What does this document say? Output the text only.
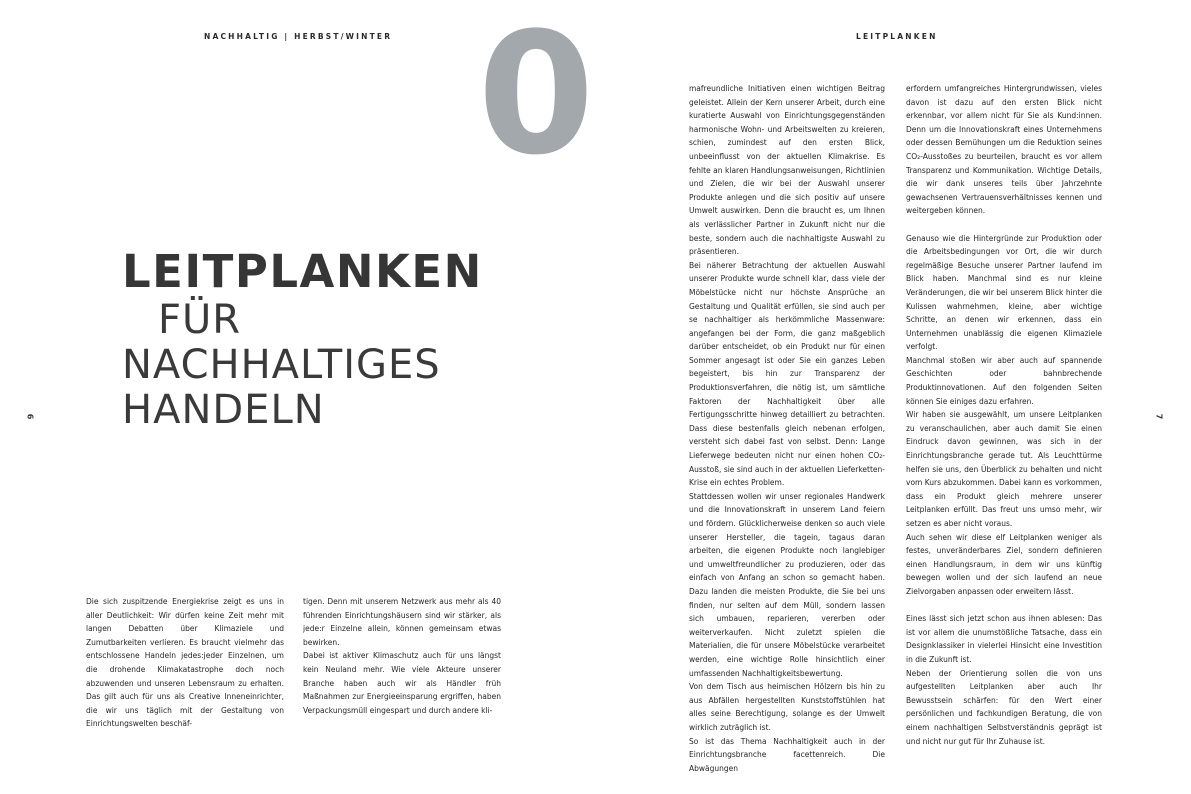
NACHHALTIG | HERBST/WINTER 0
6
LEITPLANKEN
FÜR
NACHHALTIGES
HANDELN

Die sich zuspitzende Energiekrise zeigt es uns in aller Deutlichkeit: Wir dürfen keine Zeit mehr mit langen Debatten über Klimaziele und Zumutbarkeiten verlieren. Es braucht vielmehr das entschlossene Handeln jedes:jeder Einzelnen, um die drohende Klimakatastrophe doch noch abzuwenden und unseren Lebensraum zu erhalten. Das gilt auch für uns als Creative Inneneinrichter, die wir uns täglich mit der Gestaltung von Einrichtungswelten beschäf-

tigen. Denn mit unserem Netzwerk aus mehr als 40 führenden Einrichtungshäusern sind wir stärker, als jede:r Einzelne allein, können gemeinsam etwas bewirken.

Dabei ist aktiver Klimaschutz auch für uns längst kein Neuland mehr. Wie viele Akteure unserer Branche haben auch wir als Händler früh Maßnahmen zur Energieeinsparung ergriffen, haben Verpackungsmüll eingespart und durch andere kli-

LEITPLANKEN
7

mafreundliche Initiativen einen wichtigen Beitrag geleistet. Allein der Kern unserer Arbeit, durch eine kuratierte Auswahl von Einrichtungsgegenständen harmonische Wohn- und Arbeitswelten zu kreieren, schien, zumindest auf den ersten Blick, unbeeinflusst von der aktuellen Klimakrise. Es fehlte an klaren Handlungsanweisungen, Richtlinien und Zielen, die wir bei der Auswahl unserer Produkte anlegen und die sich positiv auf unsere Umwelt auswirken. Denn die braucht es, um Ihnen als verlässlicher Partner in Zukunft nicht nur die beste, sondern auch die nachhaltigste Auswahl zu präsentieren.

Bei näherer Betrachtung der aktuellen Auswahl unserer Produkte wurde schnell klar, dass viele der Möbelstücke nicht nur höchste Ansprüche an Gestaltung und Qualität erfüllen, sie sind auch per se nachhaltiger als herkömmliche Massenware: angefangen bei der Form, die ganz maßgeblich darüber entscheidet, ob ein Produkt nur für einen Sommer angesagt ist oder Sie ein ganzes Leben begeistert, bis hin zur Transparenz der Produktionsverfahren, die nötig ist, um sämtliche Faktoren der Nachhaltigkeit über alle Fertigungsschritte hinweg detailliert zu betrachten. Dass diese bestenfalls gleich nebenan erfolgen, versteht sich dabei fast von selbst. Denn: Lange Lieferwege bedeuten nicht nur einen hohen CO₂-Ausstoß, sie sind auch in der aktuellen Lieferketten-Krise ein echtes Problem.

Stattdessen wollen wir unser regionales Handwerk und die Innovationskraft in unserem Land feiern und fördern. Glücklicherweise denken so auch viele unserer Hersteller, die tagein, tagaus daran arbeiten, die eigenen Produkte noch langlebiger und umweltfreundlicher zu produzieren, oder das einfach von Anfang an schon so gemacht haben. Dazu landen die meisten Produkte, die Sie bei uns finden, nur selten auf dem Müll, sondern lassen sich umbauen, reparieren, vererben oder weiterverkaufen. Nicht zuletzt spielen die Materialien, die für unsere Möbelstücke verarbeitet werden, eine wichtige Rolle hinsichtlich einer umfassenden Nachhaltigkeitsbewertung.

Von dem Tisch aus heimischen Hölzern bis hin zu aus Abfällen hergestellten Kunststoffstühlen hat alles seine Berechtigung, solange es der Umwelt wirklich zuträglich ist.

So ist das Thema Nachhaltigkeit auch in der Einrichtungsbranche facettenreich. Die Abwägungen

erfordern umfangreiches Hintergrundwissen, vieles davon ist dazu auf den ersten Blick nicht erkennbar, vor allem nicht für Sie als Kund:innen. Denn um die Innovationskraft eines Unternehmens oder dessen Bemühungen um die Reduktion seines CO₂-Ausstoßes zu beurteilen, braucht es vor allem Transparenz und Kommunikation. Wichtige Details, die wir dank unseres teils über Jahrzehnte gewachsenen Vertrauensverhältnisses kennen und weitergeben können.

Genauso wie die Hintergründe zur Produktion oder die Arbeitsbedingungen vor Ort, die wir durch regelmäßige Besuche unserer Partner laufend im Blick haben. Manchmal sind es nur kleine Veränderungen, die wir bei unserem Blick hinter die Kulissen wahrnehmen, kleine, aber wichtige Schritte, an denen wir erkennen, dass ein Unternehmen unablässig die eigenen Klimaziele verfolgt.

Manchmal stoßen wir aber auch auf spannende Geschichten oder bahnbrechende Produktinnovationen. Auf den folgenden Seiten können Sie einiges dazu erfahren.

Wir haben sie ausgewählt, um unsere Leitplanken zu veranschaulichen, aber auch damit Sie einen Eindruck davon gewinnen, was sich in der Einrichtungsbranche gerade tut. Als Leuchttürme helfen sie uns, den Überblick zu behalten und nicht vom Kurs abzukommen. Dabei kann es vorkommen, dass ein Produkt gleich mehrere unserer Leitplanken erfüllt. Das freut uns umso mehr, wir setzen es aber nicht voraus.

Auch sehen wir diese elf Leitplanken weniger als festes, unveränderbares Ziel, sondern definieren einen Handlungsraum, in dem wir uns künftig bewegen wollen und der sich laufend an neue Zielvorgaben anpassen oder erweitern lässt.

Eines lässt sich jetzt schon aus ihnen ablesen: Das ist vor allem die unumstößliche Tatsache, dass ein Designklassiker in vielerlei Hinsicht eine Investition in die Zukunft ist.

Neben der Orientierung sollen die von uns aufgestellten Leitplanken aber auch Ihr Bewusstsein schärfen: für den Wert einer persönlichen und fachkundigen Beratung, die von einem nachhaltigen Selbstverständnis geprägt ist und nicht nur gut für Ihr Zuhause ist.
